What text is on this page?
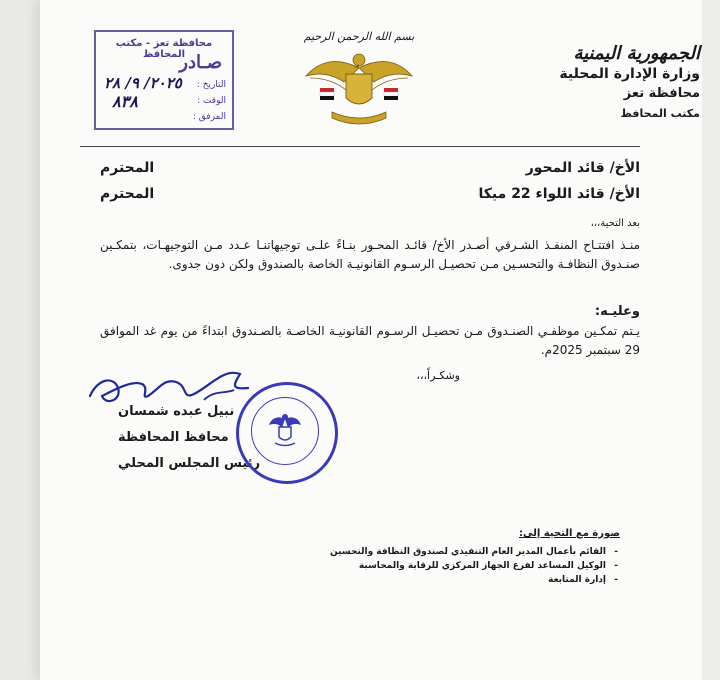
الجمهورية اليمنية
وزارة الإدارة المحلية
محافظة تعز
مكتب المحافظ
بسم الله الرحمن الرحيم
محافظة تعز - مكتب المحافظ
صـادر
التاريخ :
٢٠٢٥/ ٩/ ٢٨
الوقت :
٨٣٨
المرفق :
الأخ/ قائد المحور
المحترم
الأخ/ قائد اللواء 22 ميكا
المحترم
بعد التحية،،،
منـذ افتتـاح المنفـذ الشـرقي أصـدر الأخ/ قائـد المحـور بنـاءً علـى توجيهاتنـا عـدد مـن التوجيهـات، بتمكـين صنـدوق النظافـة والتحسـين مـن تحصيـل الرسـوم القانونيـة الخاصة بالصندوق ولكن دون جدوى.
وعليـه:
يـتم تمكـين موظفـي الصنـدوق مـن تحصيـل الرسـوم القانونيـة الخاصـة بالصـندوق ابتداءً من يوم غد الموافق 29 سبتمبر 2025م.
وشكـراً،،،
نبيل عبده شمسان
محافظ المحافظة
رئيس المجلس المحلي
صورة مع التحية إلى:
- القائم بأعمال المدير العام التنفيذي لصندوق النظافة والتحسين
- الوكيل المساعد لفرع الجهاز المركزي للرقابة والمحاسبة
- إدارة المتابعة
